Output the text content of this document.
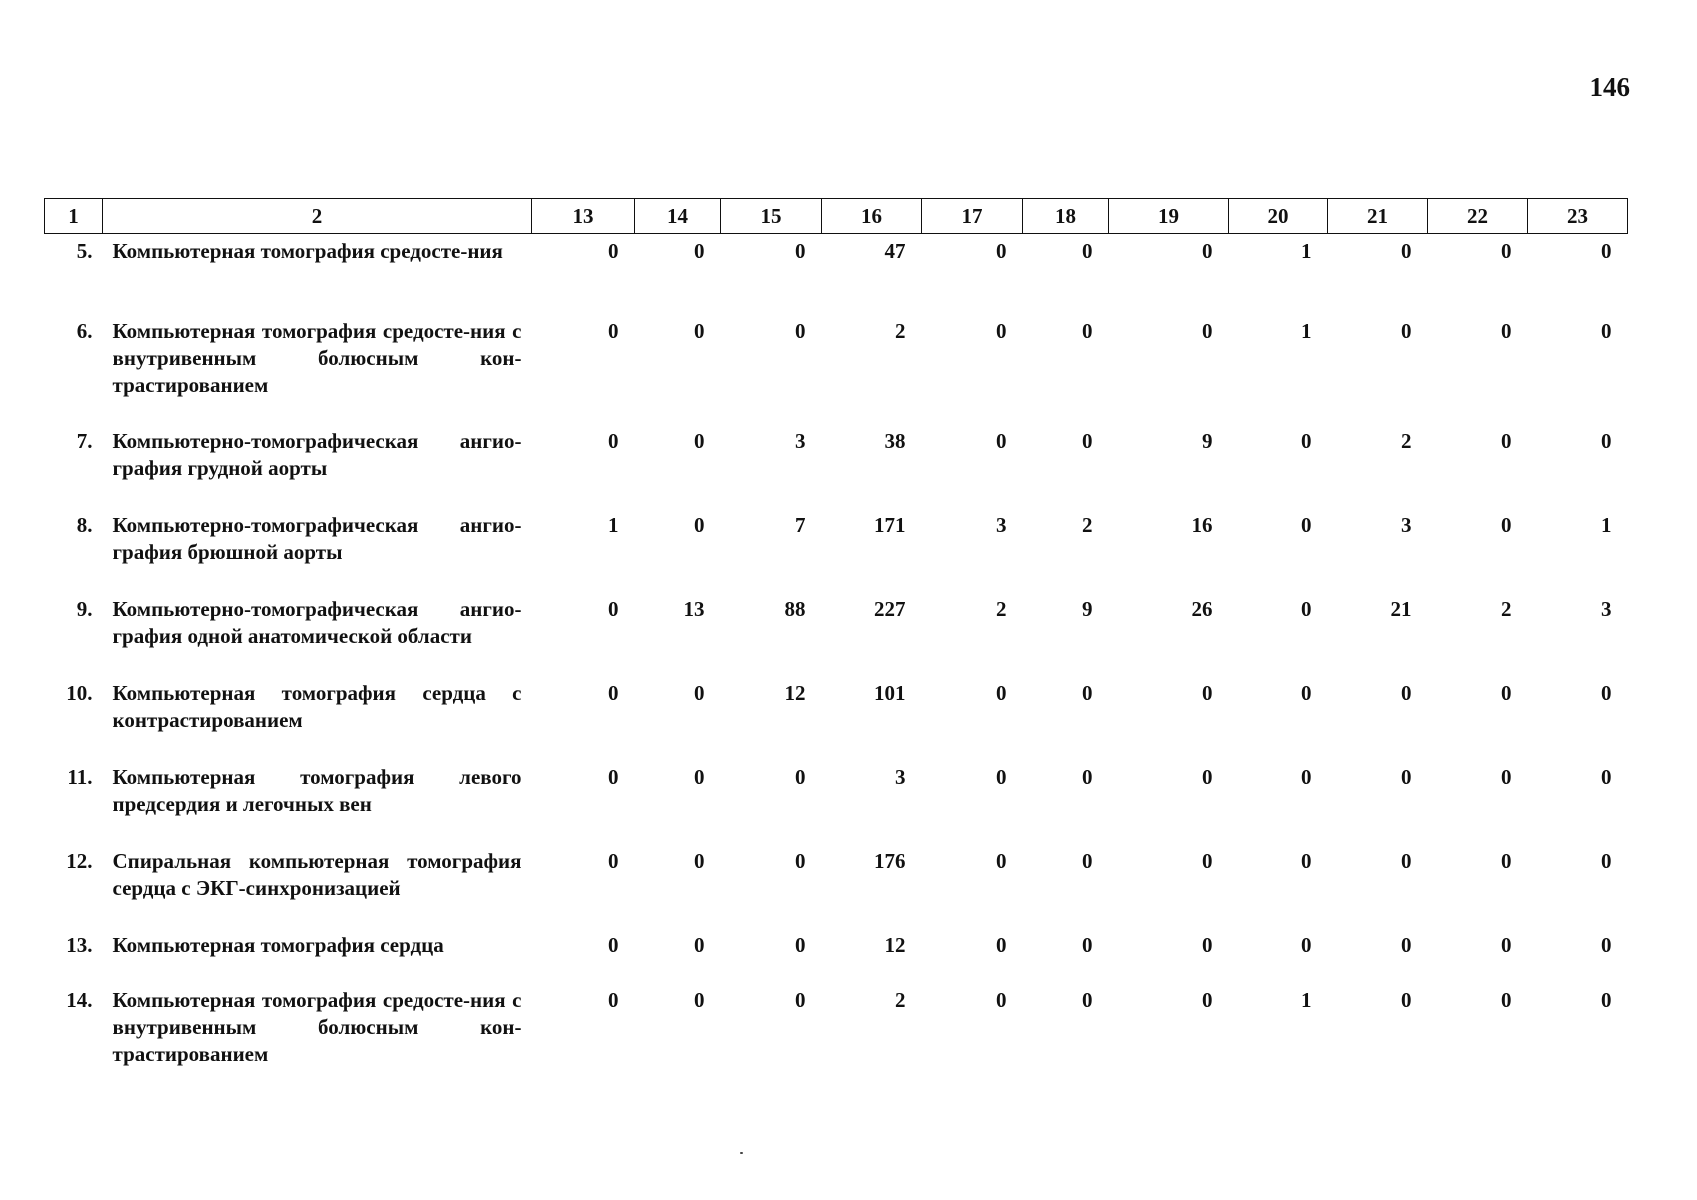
146
1	2	13	14	15	16	17	18	19	20	21	22	23
5.	Компьютерная томография средосте-ния	0	0	0	47	0	0	0	1	0	0	0
6.	Компьютерная томография средосте-ния с внутривенным болюсным кон-трастированием	0	0	0	2	0	0	0	1	0	0	0
7.	Компьютерно-томографическая ангио-графия грудной аорты	0	0	3	38	0	0	9	0	2	0	0
8.	Компьютерно-томографическая ангио-графия брюшной аорты	1	0	7	171	3	2	16	0	3	0	1
9.	Компьютерно-томографическая ангио-графия одной анатомической области	0	13	88	227	2	9	26	0	21	2	3
10.	Компьютерная томография сердца с контрастированием	0	0	12	101	0	0	0	0	0	0	0
11.	Компьютерная томография левого предсердия и легочных вен	0	0	0	3	0	0	0	0	0	0	0
12.	Спиральная компьютерная томография сердца с ЭКГ-синхронизацией	0	0	0	176	0	0	0	0	0	0	0
13.	Компьютерная томография сердца	0	0	0	12	0	0	0	0	0	0	0
14.	Компьютерная томография средосте-ния с внутривенным болюсным кон-трастированием	0	0	0	2	0	0	0	1	0	0	0
